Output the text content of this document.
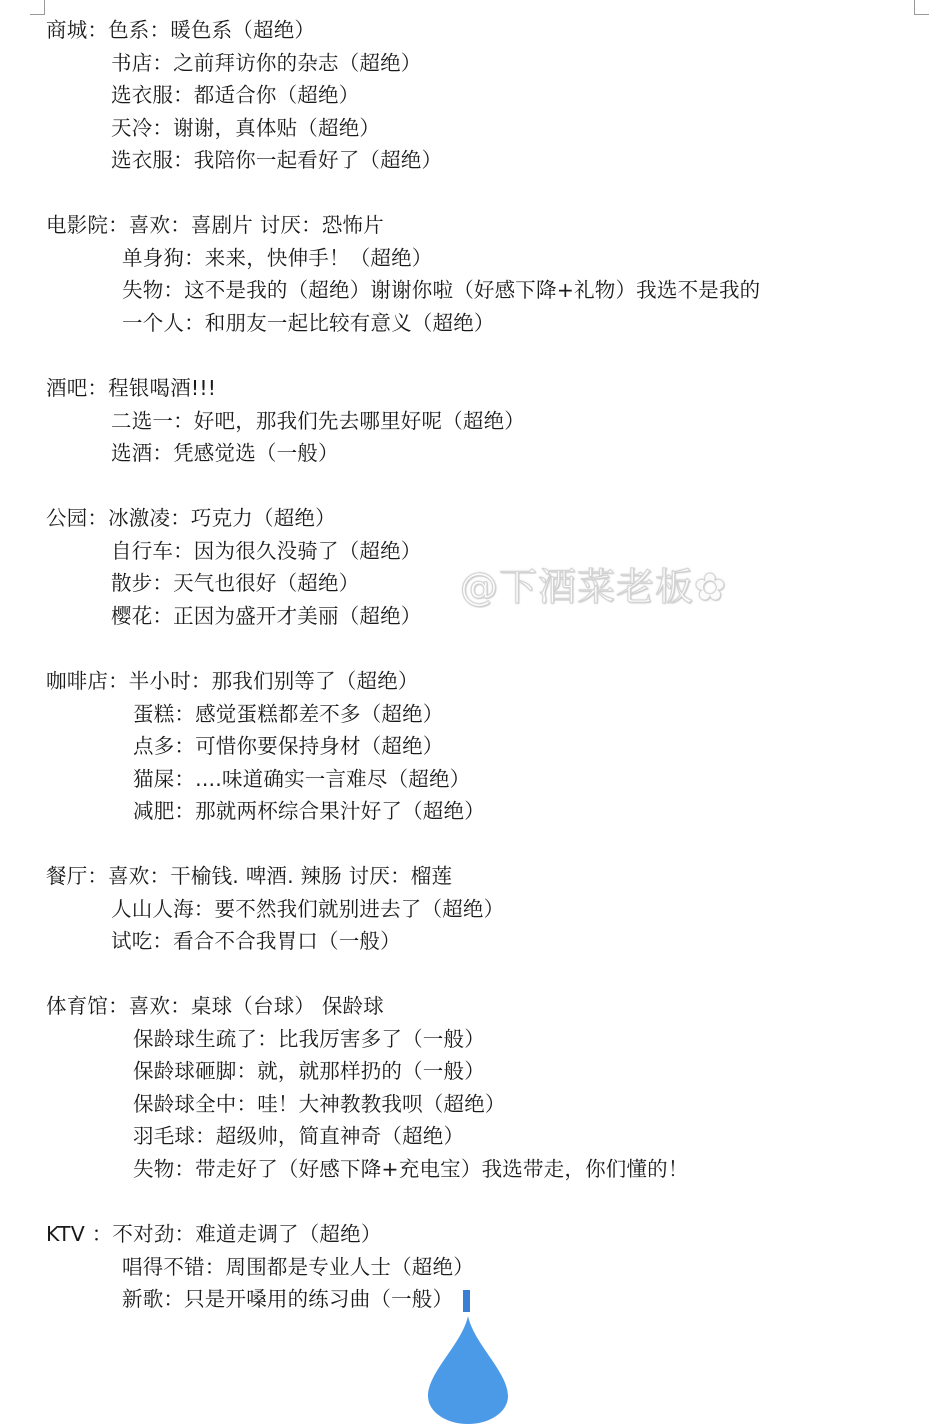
商城：色系：暖色系（超绝）
书店：之前拜访你的杂志（超绝）
选衣服：都适合你（超绝）
天冷：谢谢，真体贴（超绝）
选衣服：我陪你一起看好了（超绝）
电影院：喜欢：喜剧片 讨厌：恐怖片
单身狗：来来，快伸手！（超绝）
失物：这不是我的（超绝）谢谢你啦（好感下降+礼物）我选不是我的
一个人：和朋友一起比较有意义（超绝）
酒吧：程银喝酒!!!
二选一：好吧，那我们先去哪里好呢（超绝）
选酒：凭感觉选（一般）
公园：冰激凌：巧克力（超绝）
自行车：因为很久没骑了（超绝）
散步：天气也很好（超绝）
樱花：正因为盛开才美丽（超绝）
咖啡店：半小时：那我们别等了（超绝）
蛋糕：感觉蛋糕都差不多（超绝）
点多：可惜你要保持身材（超绝）
猫屎：....味道确实一言难尽（超绝）
减肥：那就两杯综合果汁好了（超绝）
餐厅：喜欢：干榆钱. 啤酒. 辣肠 讨厌：榴莲
人山人海：要不然我们就别进去了（超绝）
试吃：看合不合我胃口（一般）
体育馆：喜欢：桌球（台球） 保龄球
保龄球生疏了：比我厉害多了（一般）
保龄球砸脚：就，就那样扔的（一般）
保龄球全中：哇！大神教教我呗（超绝）
羽毛球：超级帅，简直神奇（超绝）
失物：带走好了（好感下降+充电宝）我选带走，你们懂的！
KTV ：不对劲：难道走调了（超绝）
唱得不错：周围都是专业人士（超绝）
新歌：只是开嗓用的练习曲（一般）
@下酒菜老板✿
